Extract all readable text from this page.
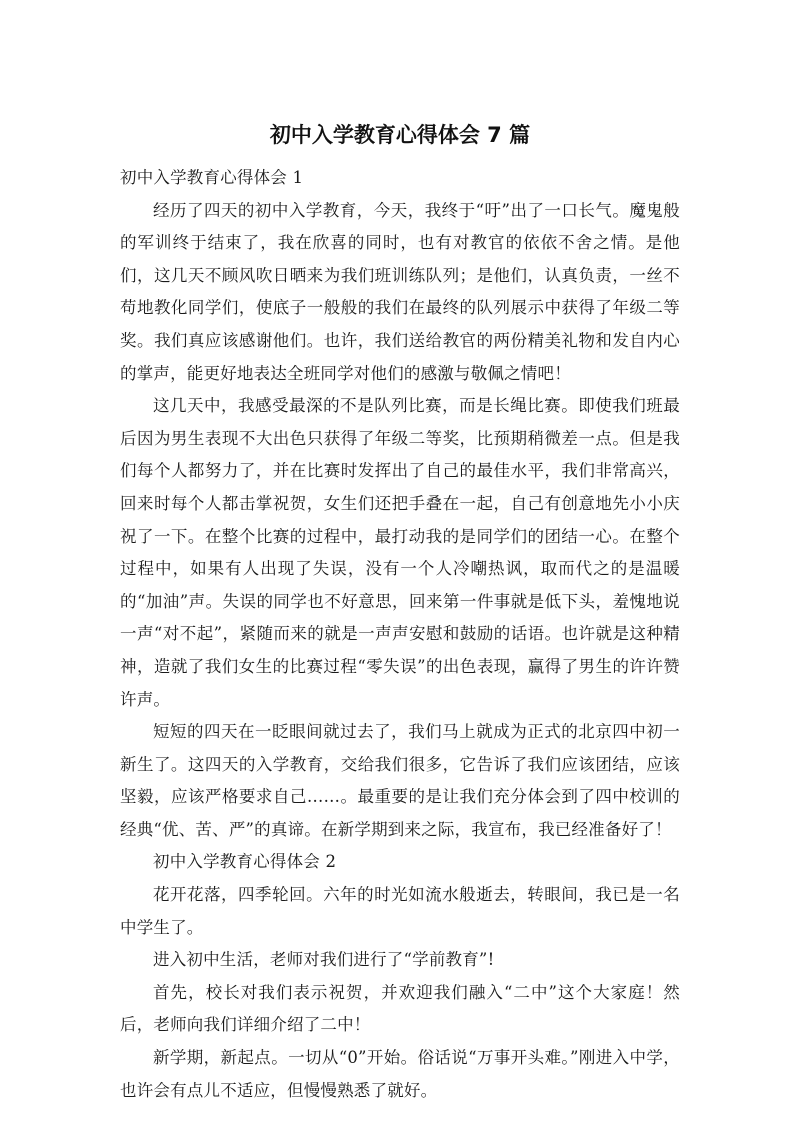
初中入学教育心得体会 7 篇

初中入学教育心得体会 1

经历了四天的初中入学教育，今天，我终于“吁”出了一口长气。魔鬼般的军训终于结束了，我在欣喜的同时，也有对教官的依依不舍之情。是他们，这几天不顾风吹日晒来为我们班训练队列；是他们，认真负责，一丝不苟地教化同学们，使底子一般般的我们在最终的队列展示中获得了年级二等奖。我们真应该感谢他们。也许，我们送给教官的两份精美礼物和发自内心的掌声，能更好地表达全班同学对他们的感激与敬佩之情吧！

这几天中，我感受最深的不是队列比赛，而是长绳比赛。即使我们班最后因为男生表现不大出色只获得了年级二等奖，比预期稍微差一点。但是我们每个人都努力了，并在比赛时发挥出了自己的最佳水平，我们非常高兴，回来时每个人都击掌祝贺，女生们还把手叠在一起，自己有创意地先小小庆祝了一下。在整个比赛的过程中，最打动我的是同学们的团结一心。在整个过程中，如果有人出现了失误，没有一个人冷嘲热讽，取而代之的是温暖的“加油”声。失误的同学也不好意思，回来第一件事就是低下头，羞愧地说一声“对不起”，紧随而来的就是一声声安慰和鼓励的话语。也许就是这种精神，造就了我们女生的比赛过程“零失误”的出色表现，赢得了男生的许许赞许声。

短短的四天在一眨眼间就过去了，我们马上就成为正式的北京四中初一新生了。这四天的入学教育，交给我们很多，它告诉了我们应该团结，应该坚毅，应该严格要求自己……。最重要的是让我们充分体会到了四中校训的经典“优、苦、严”的真谛。在新学期到来之际，我宣布，我已经准备好了！

初中入学教育心得体会 2

花开花落，四季轮回。六年的时光如流水般逝去，转眼间，我已是一名中学生了。

进入初中生活，老师对我们进行了“学前教育”!

首先，校长对我们表示祝贺，并欢迎我们融入“二中”这个大家庭！然后，老师向我们详细介绍了二中！

新学期，新起点。一切从“0”开始。俗话说“万事开头难。”刚进入中学，也许会有点儿不适应，但慢慢熟悉了就好。
